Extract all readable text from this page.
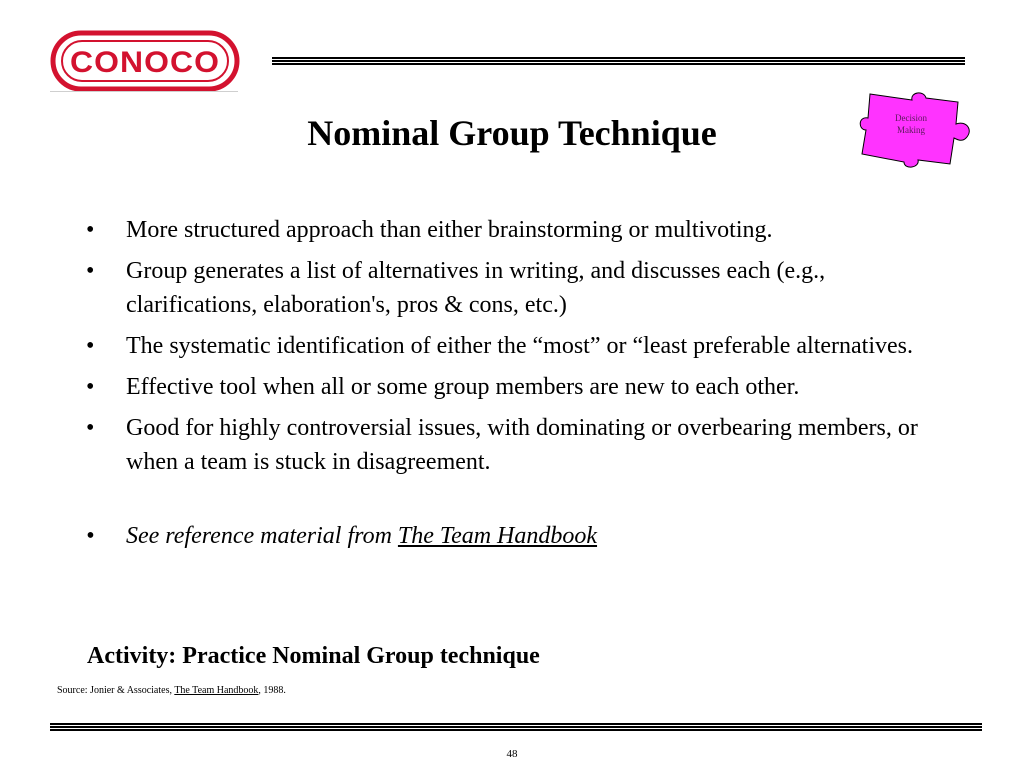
CONOCO
Decision
Making
Nominal Group Technique
• More structured approach than either brainstorming or multivoting.
• Group generates a list of alternatives in writing, and discusses each (e.g., clarifications, elaboration's, pros & cons, etc.)
• The systematic identification of either the “most” or “least preferable alternatives.
• Effective tool when all or some group members are new to each other.
• Good for highly controversial issues, with dominating or overbearing members, or when a team is stuck in disagreement.
• See reference material from The Team Handbook

Activity: Practice Nominal Group technique

Source: Jonier & Associates, The Team Handbook, 1988.
48
